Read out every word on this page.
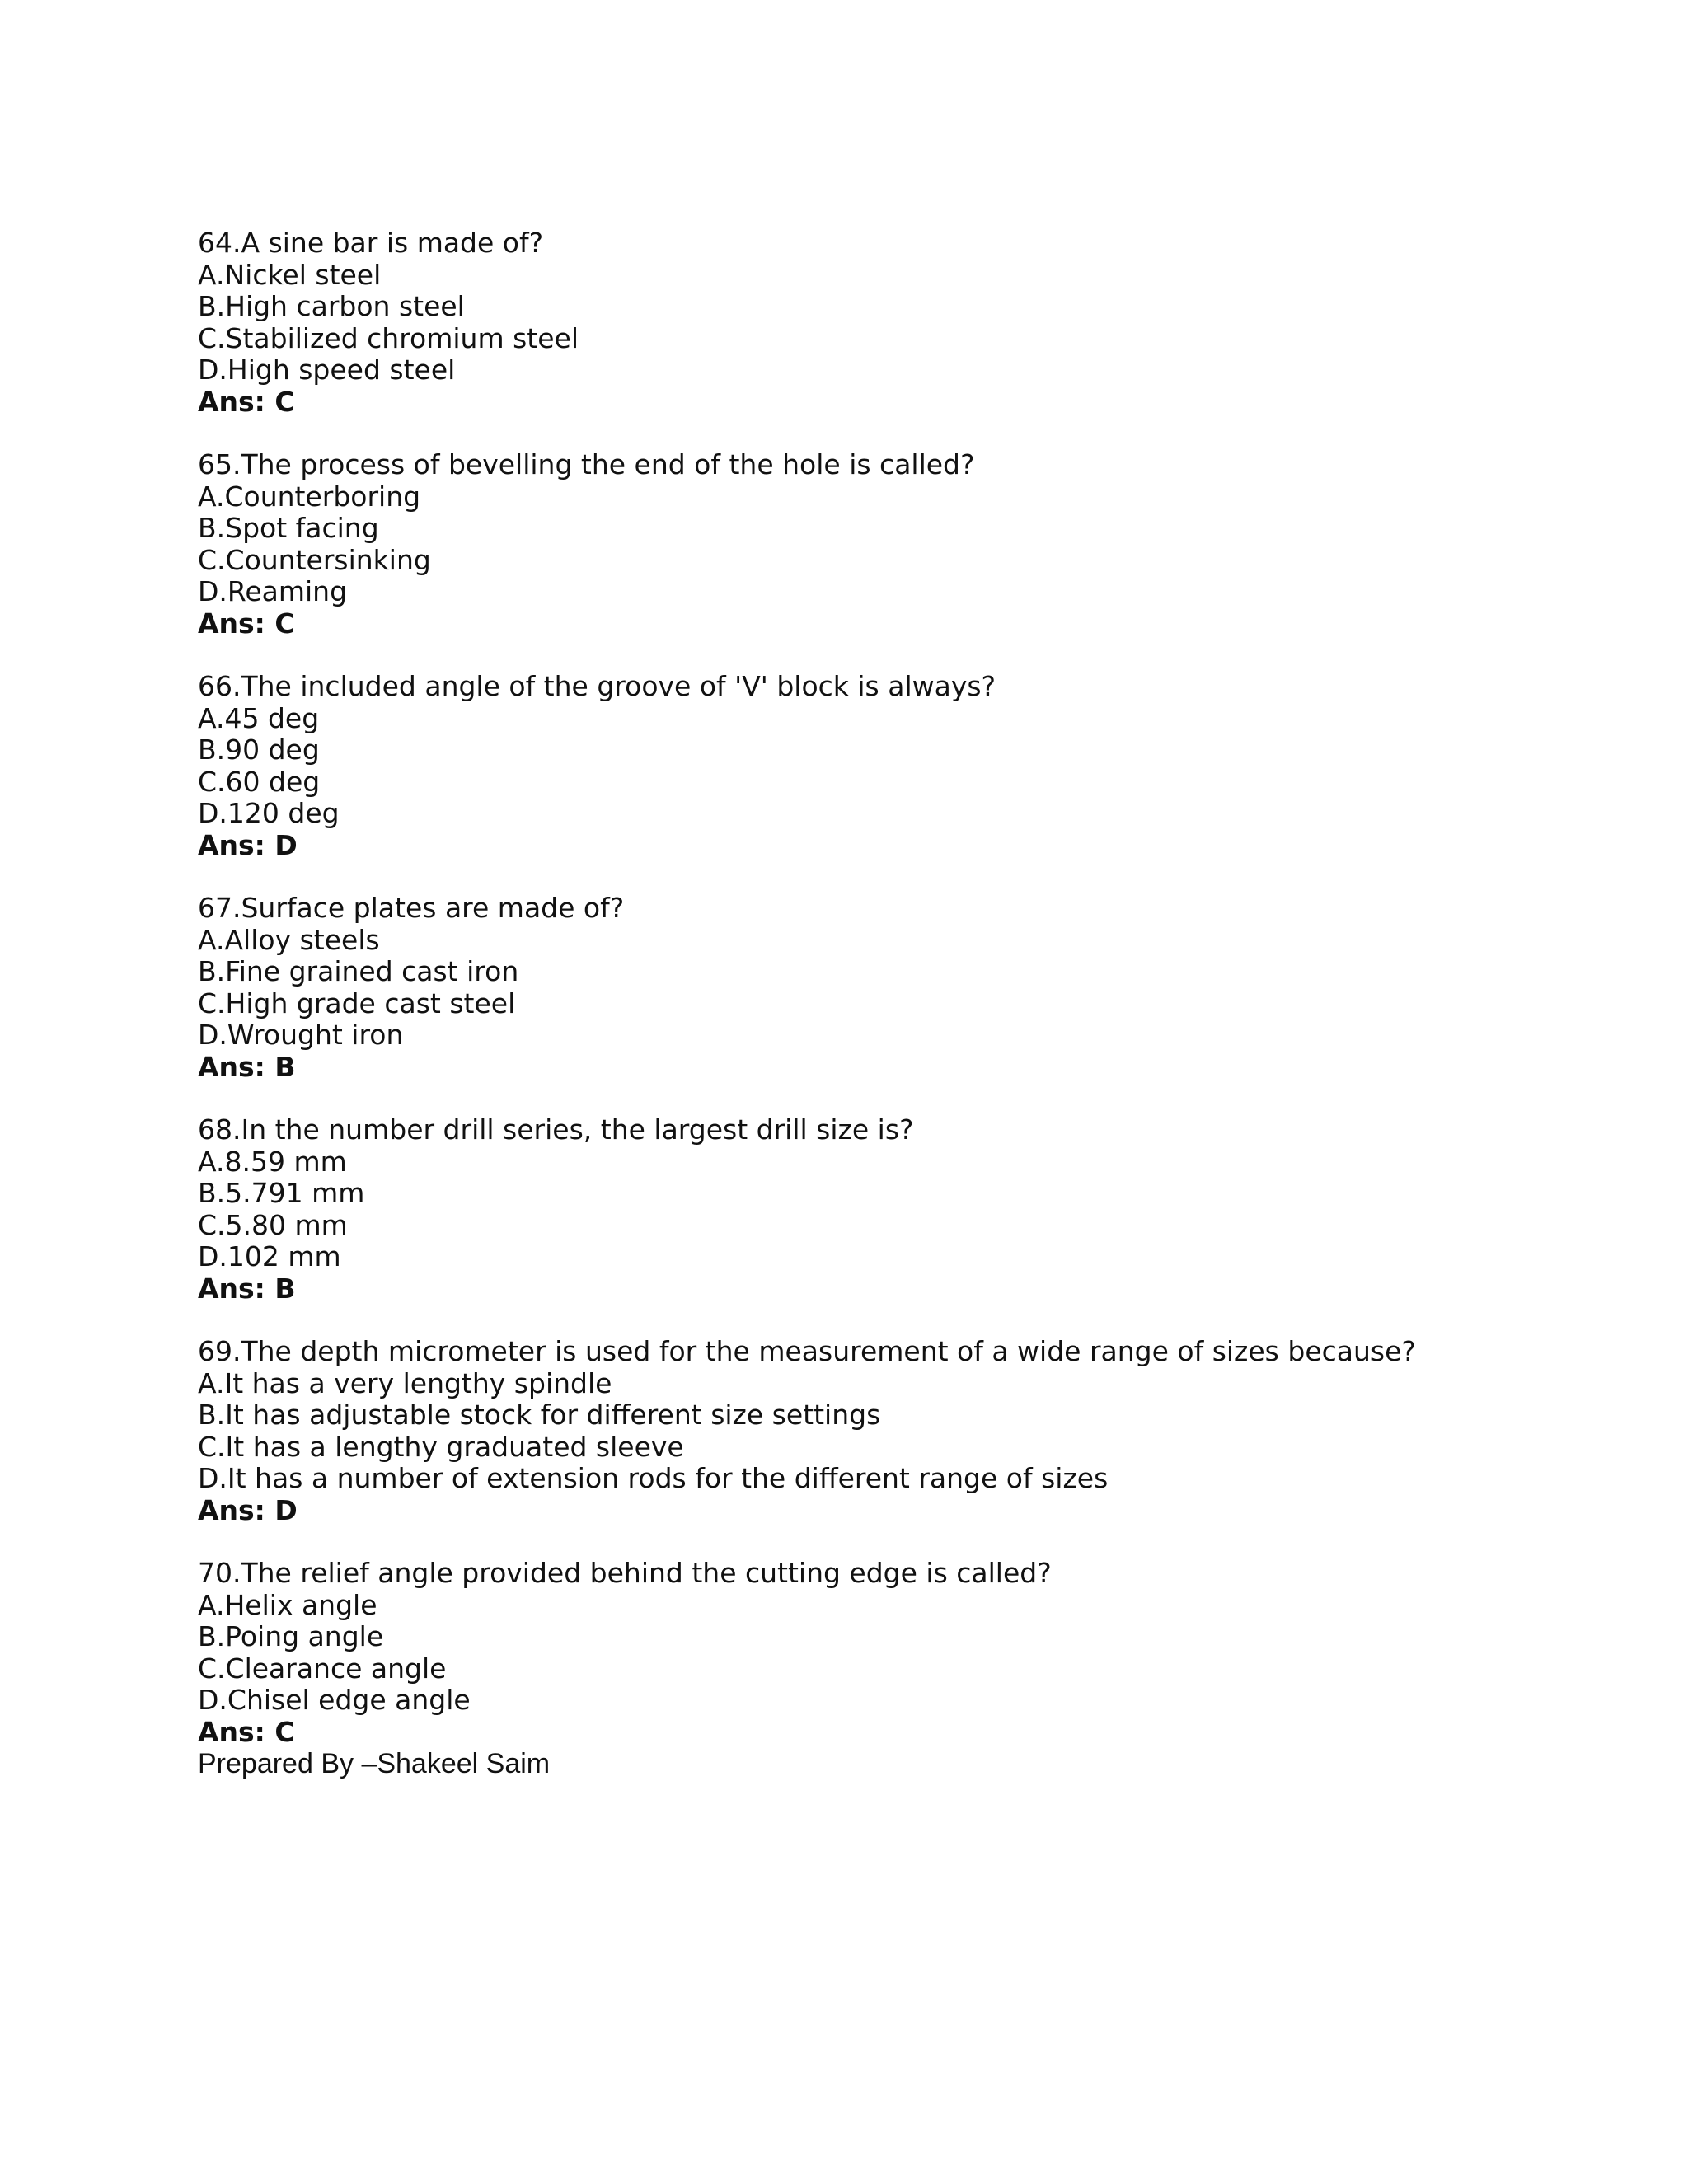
64.A sine bar is made of?
A.Nickel steel
B.High carbon steel
C.Stabilized chromium steel
D.High speed steel
Ans: C
65.The process of bevelling the end of the hole is called?
A.Counterboring
B.Spot facing
C.Countersinking
D.Reaming
Ans: C
66.The included angle of the groove of 'V' block is always?
A.45 deg
B.90 deg
C.60 deg
D.120 deg
Ans: D
67.Surface plates are made of?
A.Alloy steels
B.Fine grained cast iron
C.High grade cast steel
D.Wrought iron
Ans: B
68.In the number drill series, the largest drill size is?
A.8.59 mm
B.5.791 mm
C.5.80 mm
D.102 mm
Ans: B
69.The depth micrometer is used for the measurement of a wide range of sizes because?
A.It has a very lengthy spindle
B.It has adjustable stock for different size settings
C.It has a lengthy graduated sleeve
D.It has a number of extension rods for the different range of sizes
Ans: D
70.The relief angle provided behind the cutting edge is called?
A.Helix angle
B.Poing angle
C.Clearance angle
D.Chisel edge angle
Ans: C
Prepared By –Shakeel Saim
